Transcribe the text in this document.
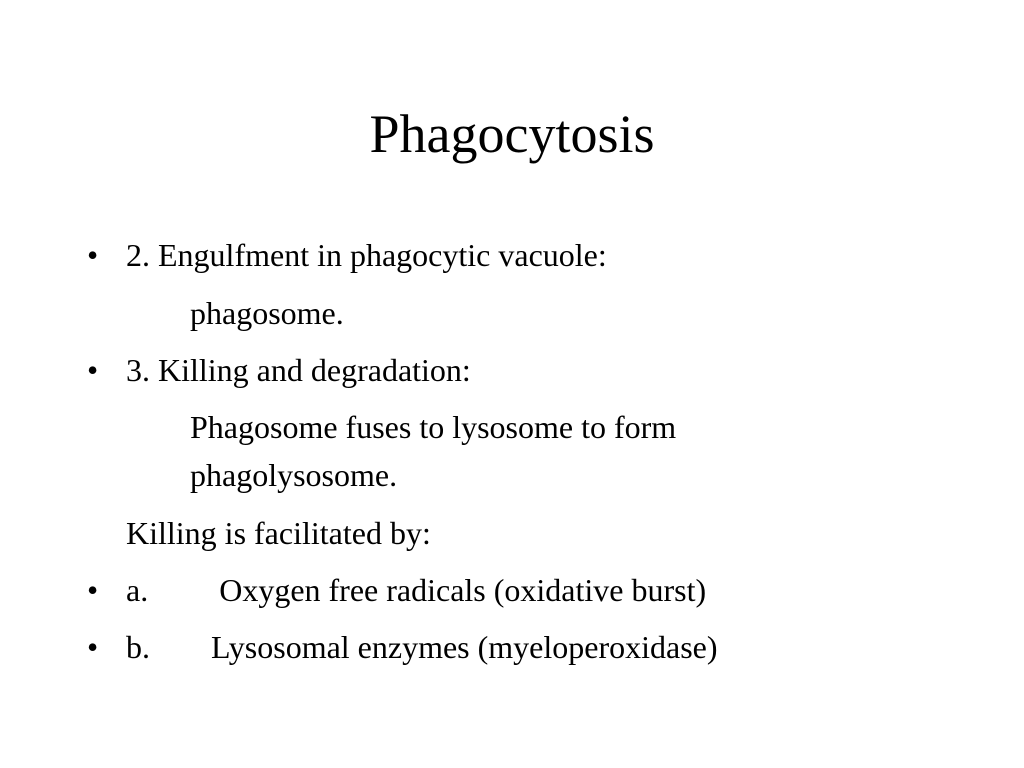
Phagocytosis
• 2. Engulfment in phagocytic vacuole:
phagosome.
• 3. Killing and degradation:
Phagosome fuses to lysosome to form
phagolysosome.
Killing is facilitated by:
• a. Oxygen free radicals (oxidative burst)
• b. Lysosomal enzymes (myeloperoxidase)
